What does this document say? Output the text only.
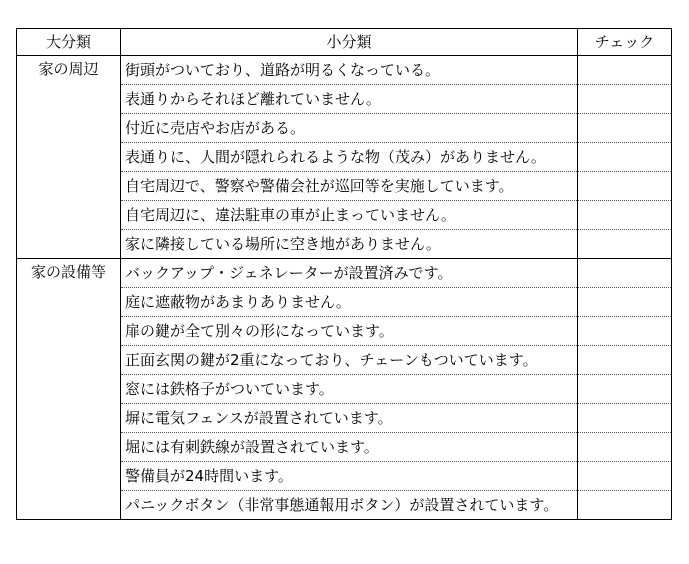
大分類	小分類	チェック
家の周辺	街頭がついており、道路が明るくなっている。	
	表通りからそれほど離れていません。	
	付近に売店やお店がある。	
	表通りに、人間が隠れられるような物（茂み）がありません。	
	自宅周辺で、警察や警備会社が巡回等を実施しています。	
	自宅周辺に、違法駐車の車が止まっていません。	
	家に隣接している場所に空き地がありません。	
家の設備等	バックアップ・ジェネレーターが設置済みです。	
	庭に遮蔽物があまりありません。	
	扉の鍵が全て別々の形になっています。	
	正面玄関の鍵が2重になっており、チェーンもついています。	
	窓には鉄格子がついています。	
	塀に電気フェンスが設置されています。	
	堀には有刺鉄線が設置されています。	
	警備員が24時間います。	
	パニックボタン（非常事態通報用ボタン）が設置されています。	
